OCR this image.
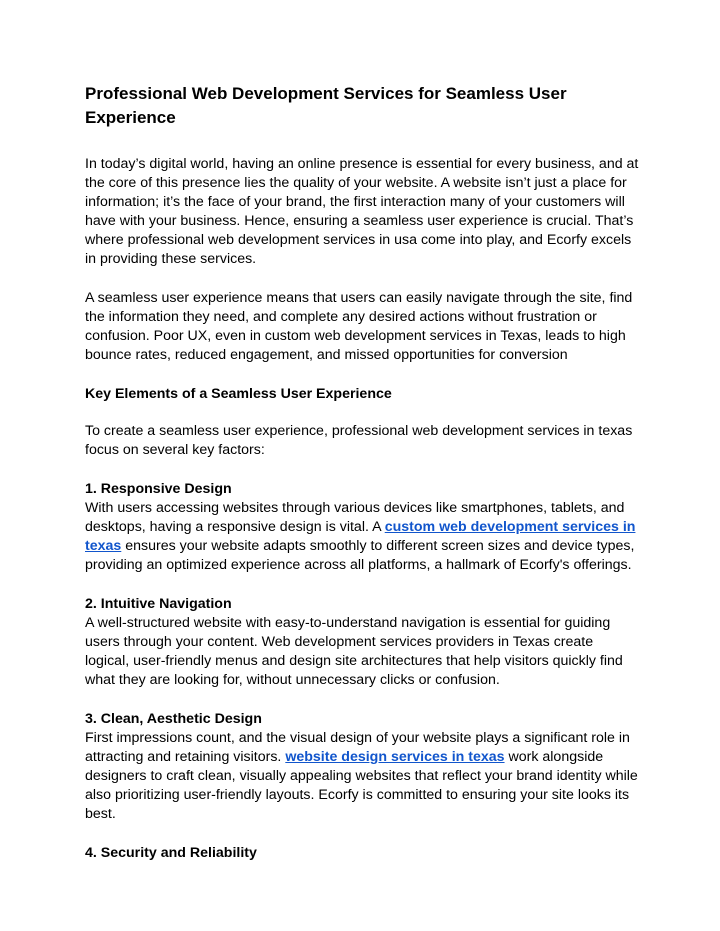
Professional Web Development Services for Seamless User Experience

In today’s digital world, having an online presence is essential for every business, and at the core of this presence lies the quality of your website. A website isn’t just a place for information; it’s the face of your brand, the first interaction many of your customers will have with your business. Hence, ensuring a seamless user experience is crucial. That’s where professional web development services in usa come into play, and Ecorfy excels in providing these services.

A seamless user experience means that users can easily navigate through the site, find the information they need, and complete any desired actions without frustration or confusion. Poor UX, even in custom web development services in Texas, leads to high bounce rates, reduced engagement, and missed opportunities for conversion

Key Elements of a Seamless User Experience

To create a seamless user experience, professional web development services in texas focus on several key factors:

1. Responsive Design

With users accessing websites through various devices like smartphones, tablets, and desktops, having a responsive design is vital. A custom web development services in texas ensures your website adapts smoothly to different screen sizes and device types, providing an optimized experience across all platforms, a hallmark of Ecorfy's offerings.

2. Intuitive Navigation

A well-structured website with easy-to-understand navigation is essential for guiding users through your content. Web development services providers in Texas create logical, user-friendly menus and design site architectures that help visitors quickly find what they are looking for, without unnecessary clicks or confusion.

3. Clean, Aesthetic Design

First impressions count, and the visual design of your website plays a significant role in attracting and retaining visitors. website design services in texas work alongside designers to craft clean, visually appealing websites that reflect your brand identity while also prioritizing user-friendly layouts. Ecorfy is committed to ensuring your site looks its best.

4. Security and Reliability
